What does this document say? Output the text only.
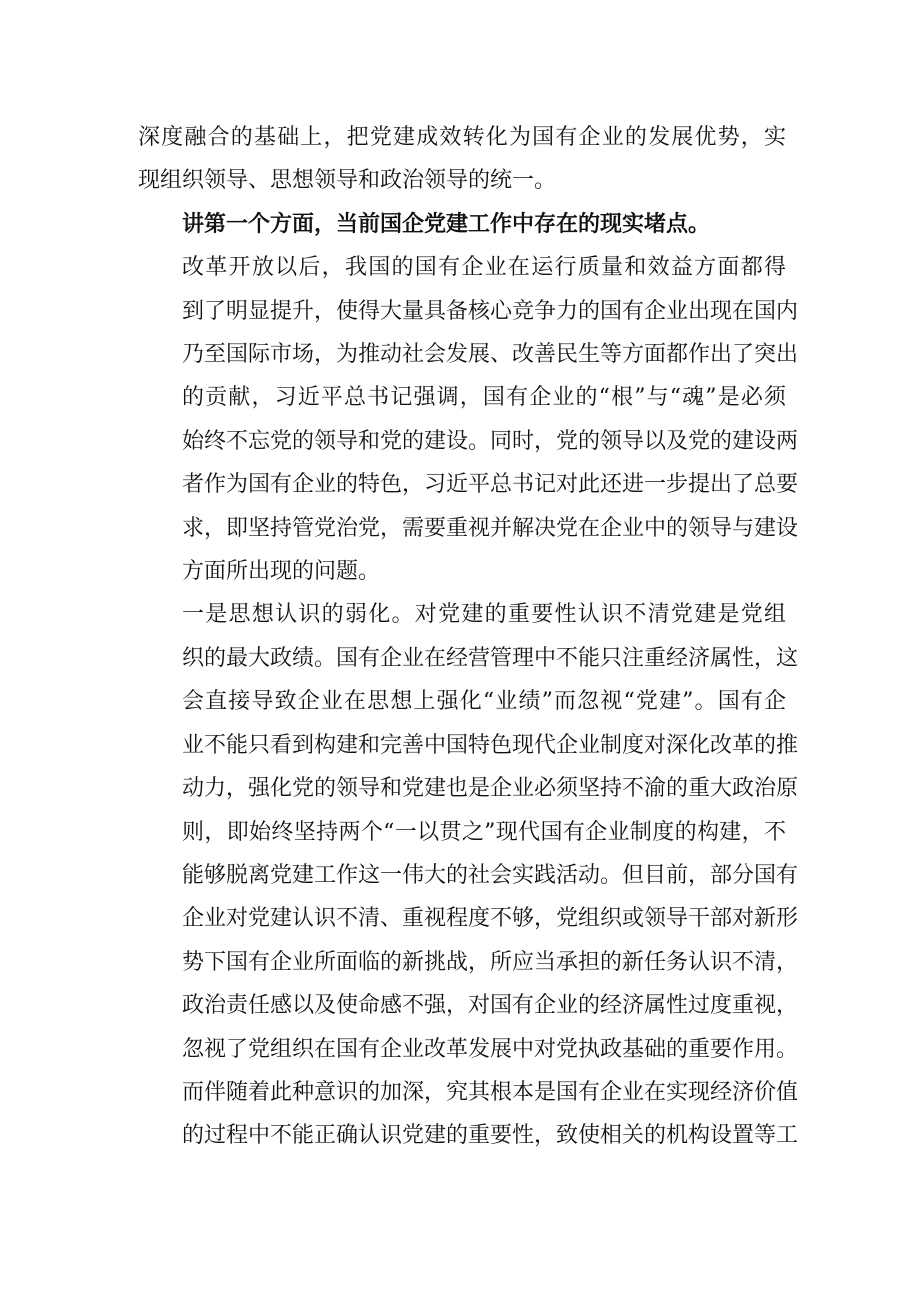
深度融合的基础上，把党建成效转化为国有企业的发展优势，实
现组织领导、思想领导和政治领导的统一。
讲第一个方面，当前国企党建工作中存在的现实堵点。
改革开放以后，我国的国有企业在运行质量和效益方面都得
到了明显提升，使得大量具备核心竞争力的国有企业出现在国内
乃至国际市场，为推动社会发展、改善民生等方面都作出了突出
的贡献，习近平总书记强调，国有企业的“根”与“魂”是必须
始终不忘党的领导和党的建设。同时，党的领导以及党的建设两
者作为国有企业的特色，习近平总书记对此还进一步提出了总要
求，即坚持管党治党，需要重视并解决党在企业中的领导与建设
方面所出现的问题。
一是思想认识的弱化。对党建的重要性认识不清党建是党组
织的最大政绩。国有企业在经营管理中不能只注重经济属性，这
会直接导致企业在思想上强化“业绩”而忽视“党建”。国有企
业不能只看到构建和完善中国特色现代企业制度对深化改革的推
动力，强化党的领导和党建也是企业必须坚持不渝的重大政治原
则，即始终坚持两个“一以贯之”现代国有企业制度的构建，不
能够脱离党建工作这一伟大的社会实践活动。但目前，部分国有
企业对党建认识不清、重视程度不够，党组织或领导干部对新形
势下国有企业所面临的新挑战，所应当承担的新任务认识不清，
政治责任感以及使命感不强，对国有企业的经济属性过度重视，
忽视了党组织在国有企业改革发展中对党执政基础的重要作用。
而伴随着此种意识的加深，究其根本是国有企业在实现经济价值
的过程中不能正确认识党建的重要性，致使相关的机构设置等工
